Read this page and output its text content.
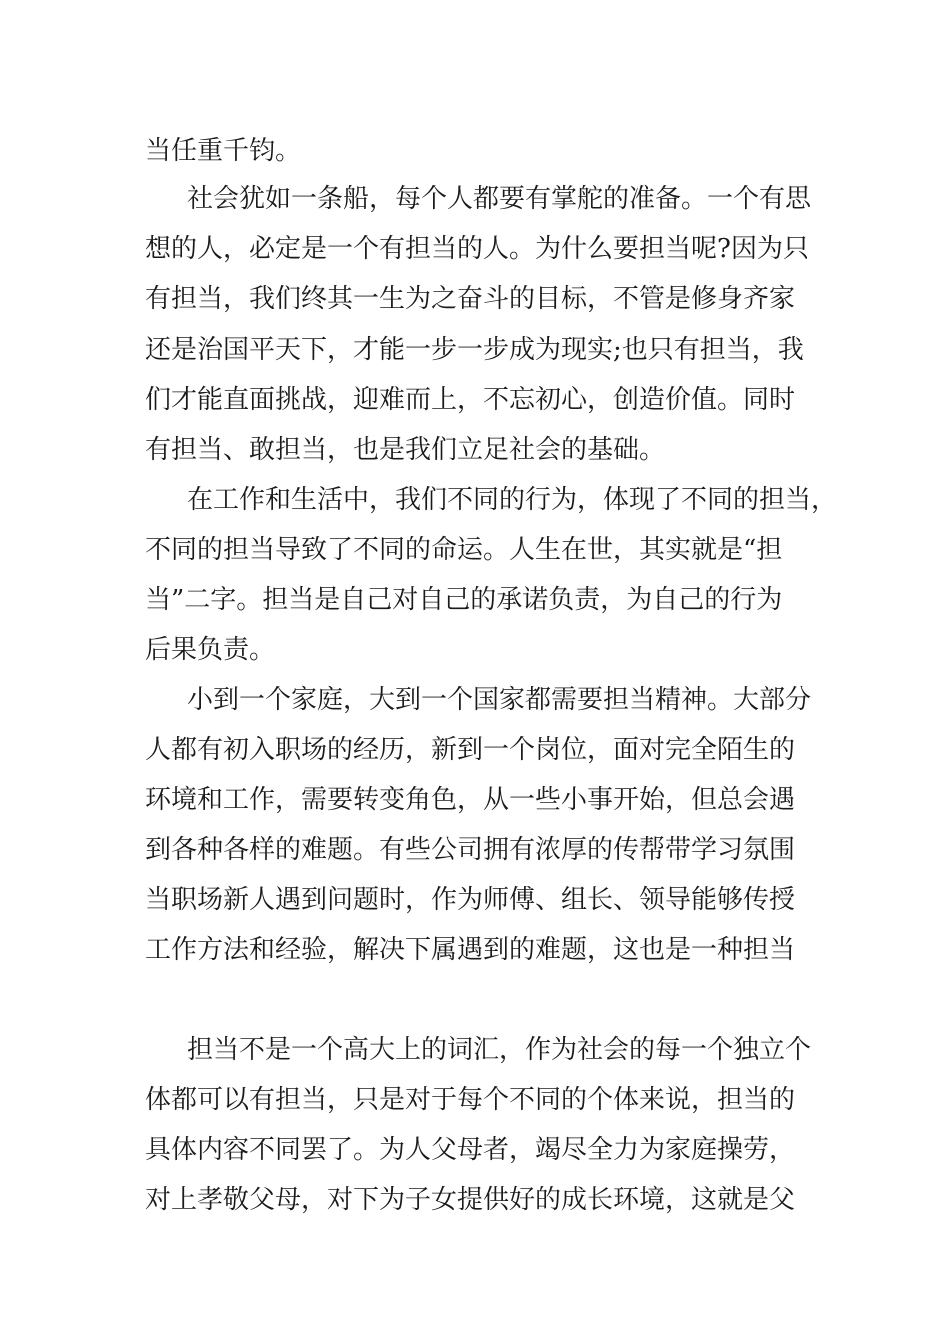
当任重千钧。
社会犹如一条船，每个人都要有掌舵的准备。一个有思
想的人，必定是一个有担当的人。为什么要担当呢?因为只
有担当，我们终其一生为之奋斗的目标，不管是修身齐家
还是治国平天下，才能一步一步成为现实;也只有担当，我
们才能直面挑战，迎难而上，不忘初心，创造价值。同时
有担当、敢担当，也是我们立足社会的基础。
在工作和生活中，我们不同的行为，体现了不同的担当，
不同的担当导致了不同的命运。人生在世，其实就是“担
当”二字。担当是自己对自己的承诺负责，为自己的行为
后果负责。
小到一个家庭，大到一个国家都需要担当精神。大部分
人都有初入职场的经历，新到一个岗位，面对完全陌生的
环境和工作，需要转变角色，从一些小事开始，但总会遇
到各种各样的难题。有些公司拥有浓厚的传帮带学习氛围
当职场新人遇到问题时，作为师傅、组长、领导能够传授
工作方法和经验，解决下属遇到的难题，这也是一种担当
担当不是一个高大上的词汇，作为社会的每一个独立个
体都可以有担当，只是对于每个不同的个体来说，担当的
具体内容不同罢了。为人父母者，竭尽全力为家庭操劳，
对上孝敬父母，对下为子女提供好的成长环境，这就是父
